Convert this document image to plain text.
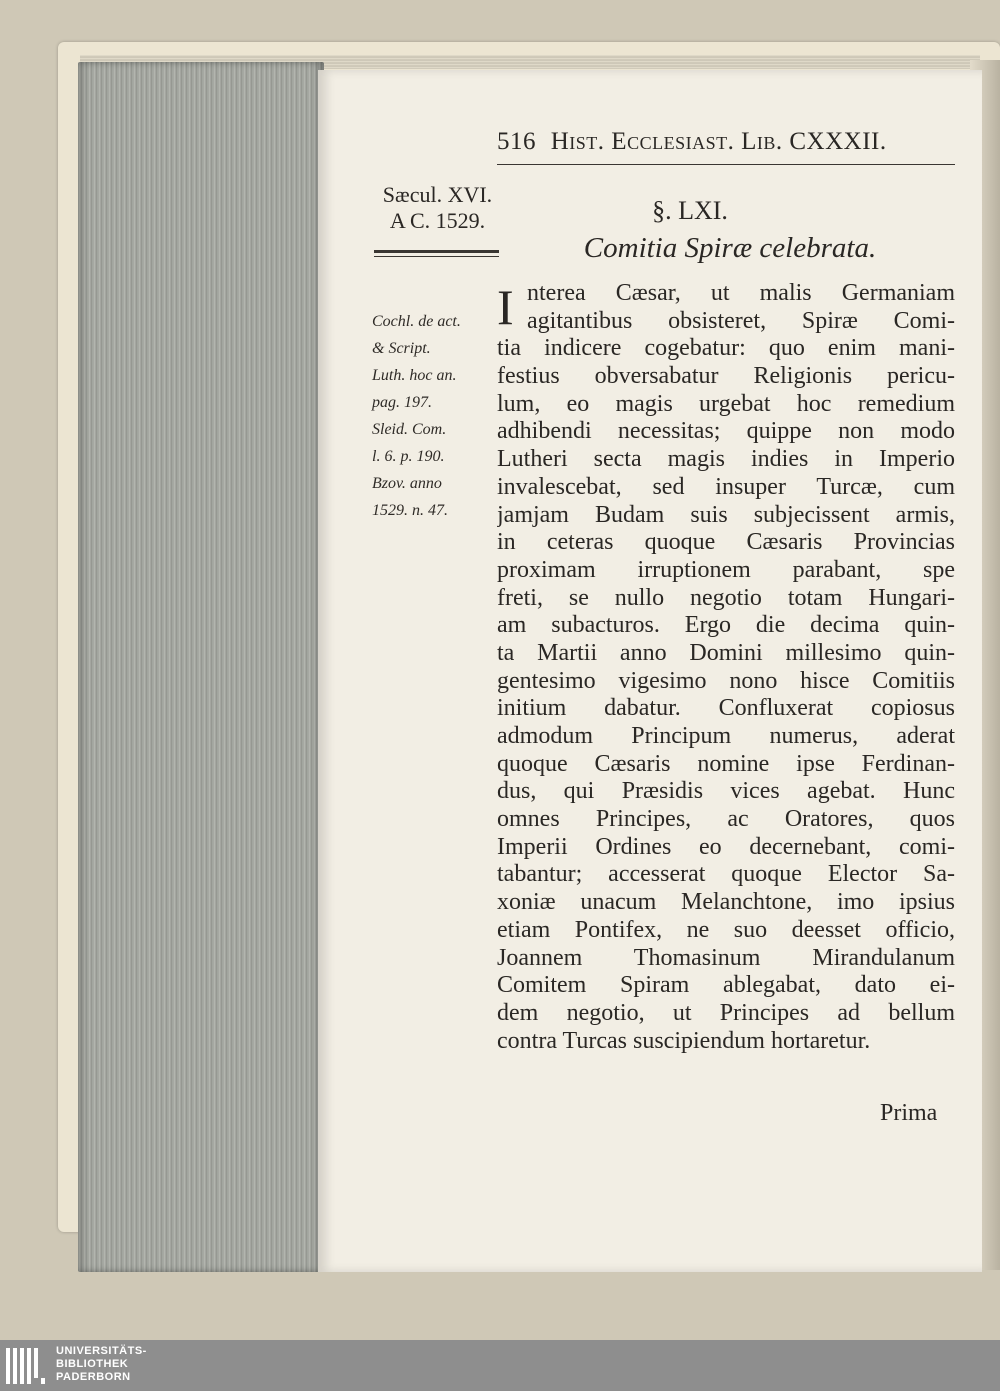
516 Hist. Ecclesiast. Lib. CXXXII.
Sæcul. XVI.
A C. 1529.	§. LXI.
Comitia Spiræ celebrata.
Cochl. de act.
& Script.
Luth. hoc an.
pag. 197.
Sleid. Com.
l. 6. p. 190.
Bzov. anno
1529. n. 47.
I nterea Cæsar, ut malis Germaniam
agitantibus obsisteret, Spiræ Comi-
tia indicere cogebatur: quo enim mani-
festius obversabatur Religionis pericu-
lum, eo magis urgebat hoc remedium
adhibendi necessitas; quippe non modo
Lutheri secta magis indies in Imperio
invalescebat, sed insuper Turcæ, cum
jamjam Budam suis subjecissent armis,
in ceteras quoque Cæsaris Provincias
proximam irruptionem parabant, spe
freti, se nullo negotio totam Hungari-
am subacturos. Ergo die decima quin-
ta Martii anno Domini millesimo quin-
gentesimo vigesimo nono hisce Comitiis
initium dabatur. Confluxerat copiosus
admodum Principum numerus, aderat
quoque Cæsaris nomine ipse Ferdinan-
dus, qui Præsidis vices agebat. Hunc
omnes Principes, ac Oratores, quos
Imperii Ordines eo decernebant, comi-
tabantur; accesserat quoque Elector Sa-
xoniæ unacum Melanchtone, imo ipsius
etiam Pontifex, ne suo deesset officio,
Joannem Thomasinum Mirandulanum
Comitem Spiram ablegabat, dato ei-
dem negotio, ut Principes ad bellum
contra Turcas suscipiendum hortaretur.
Prima
UNIVERSITÄTS-
BIBLIOTHEK
PADERBORN
